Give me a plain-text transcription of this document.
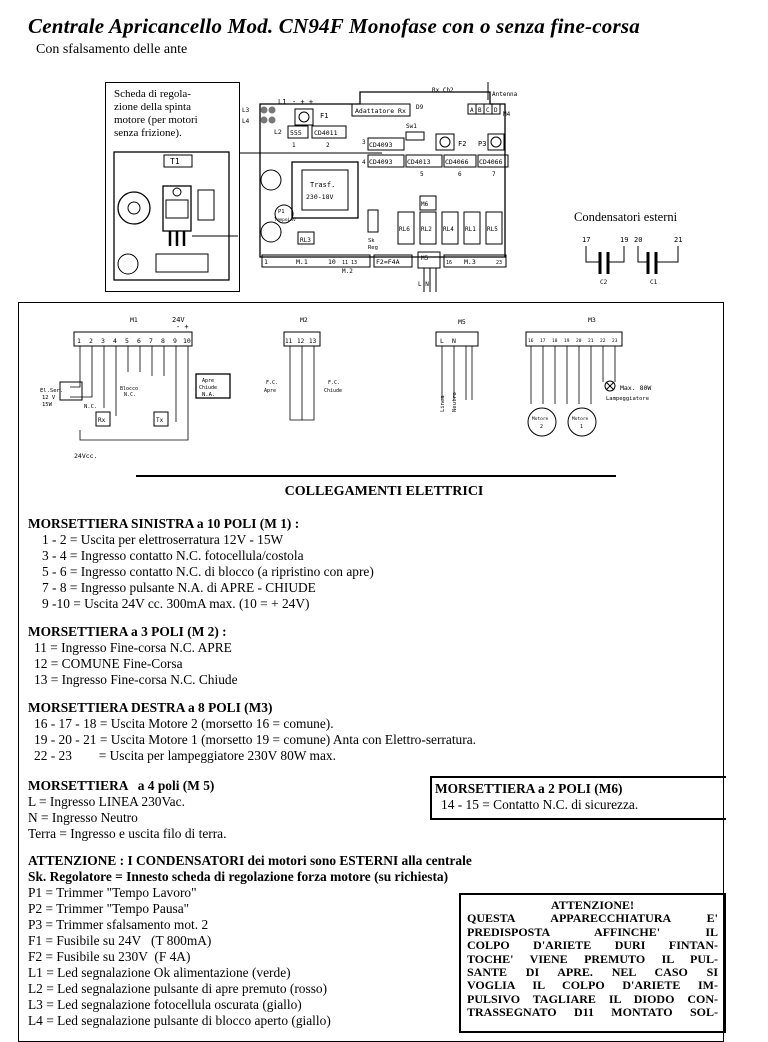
Centrale Apricancello Mod. CN94F Monofase con o senza fine-corsa
Con sfalsamento delle ante
Scheda di regola-
zione della spinta
motore (per motori
senza frizione).
T1
L3
L4
L1 - + +
F1
Adattatore Rx
Rx Ch2
Antenna
M4
D9	A B C D
L2 555 CD4011
1	2	3 CD4093
Sw1
F2 P3
4 CD4093 CD4013 CD4066 CD4066
5	6	7
Trasf.
230-18V
P1
TempoLav
RL3	Sk
Reg
M6
RL6 RL2 RL4 RL1 RL5
1	M.1	10 11 13
M.2
F2=F4A	M5
L N
16 M.3	23
Condensatori esterni
17	19 20	21
C2	C1
M1	24V
- +
1 2 3 4 5 6 7 8 9 10
El.Ser.
12 V
15W
Blocco
N.C.
Apre
Chiude
N.A.
N.C.
Rx	Tx
24Vcc.
M2
11 12 13
F.C.
Apre
F.C.
Chiude
M5
L N
Linea Neutro
M3
16 17 18 19 20 21 22 23
Max. 80W
Lampeggiatore
Motore
2
Motore
1
COLLEGAMENTI ELETTRICI
MORSETTIERA SINISTRA a 10 POLI (M 1) :
1 - 2 = Uscita per elettroserratura 12V - 15W
3 - 4 = Ingresso contatto N.C. fotocellula/costola
5 - 6 = Ingresso contatto N.C. di blocco (a ripristino con apre)
7 - 8 = Ingresso pulsante N.A. di APRE - CHIUDE
9 -10 = Uscita 24V cc. 300mA max. (10 = + 24V)
MORSETTIERA a 3 POLI (M 2) :
11 = Ingresso Fine-corsa N.C. APRE
12 = COMUNE Fine-Corsa
13 = Ingresso Fine-corsa N.C. Chiude
MORSETTIERA DESTRA a 8 POLI (M3)
16 - 17 - 18 = Uscita Motore 2 (morsetto 16 = comune).
19 - 20 - 21 = Uscita Motore 1 (morsetto 19 = comune) Anta con Elettro-serratura.
22 - 23        = Uscita per lampeggiatore 230V 80W max.
MORSETTIERA   a 4 poli (M 5)
L = Ingresso LINEA 230Vac.
N = Ingresso Neutro
Terra = Ingresso e uscita filo di terra.
MORSETTIERA a 2 POLI (M6)
14 - 15 = Contatto N.C. di sicurezza.
ATTENZIONE : I CONDENSATORI dei motori sono ESTERNI alla centrale
Sk. Regolatore = Innesto scheda di regolazione forza motore (su richiesta)
P1 = Trimmer "Tempo Lavoro"
P2 = Trimmer "Tempo Pausa"
P3 = Trimmer sfalsamento mot. 2
F1 = Fusibile su 24V   (T 800mA)
F2 = Fusibile su 230V  (F 4A)
L1 = Led segnalazione Ok alimentazione (verde)
L2 = Led segnalazione pulsante di apre premuto (rosso)
L3 = Led segnalazione fotocellula oscurata (giallo)
L4 = Led segnalazione pulsante di blocco aperto (giallo)
ATTENZIONE!
QUESTA APPARECCHIATURA E'
PREDISPOSTA AFFINCHE' IL
COLPO D'ARIETE DURI FINTAN-
TOCHE' VIENE PREMUTO IL PUL-
SANTE DI APRE. NEL CASO SI
VOGLIA IL COLPO D'ARIETE IM-
PULSIVO TAGLIARE IL DIODO CON-
TRASSEGNATO D11 MONTATO SOL-
